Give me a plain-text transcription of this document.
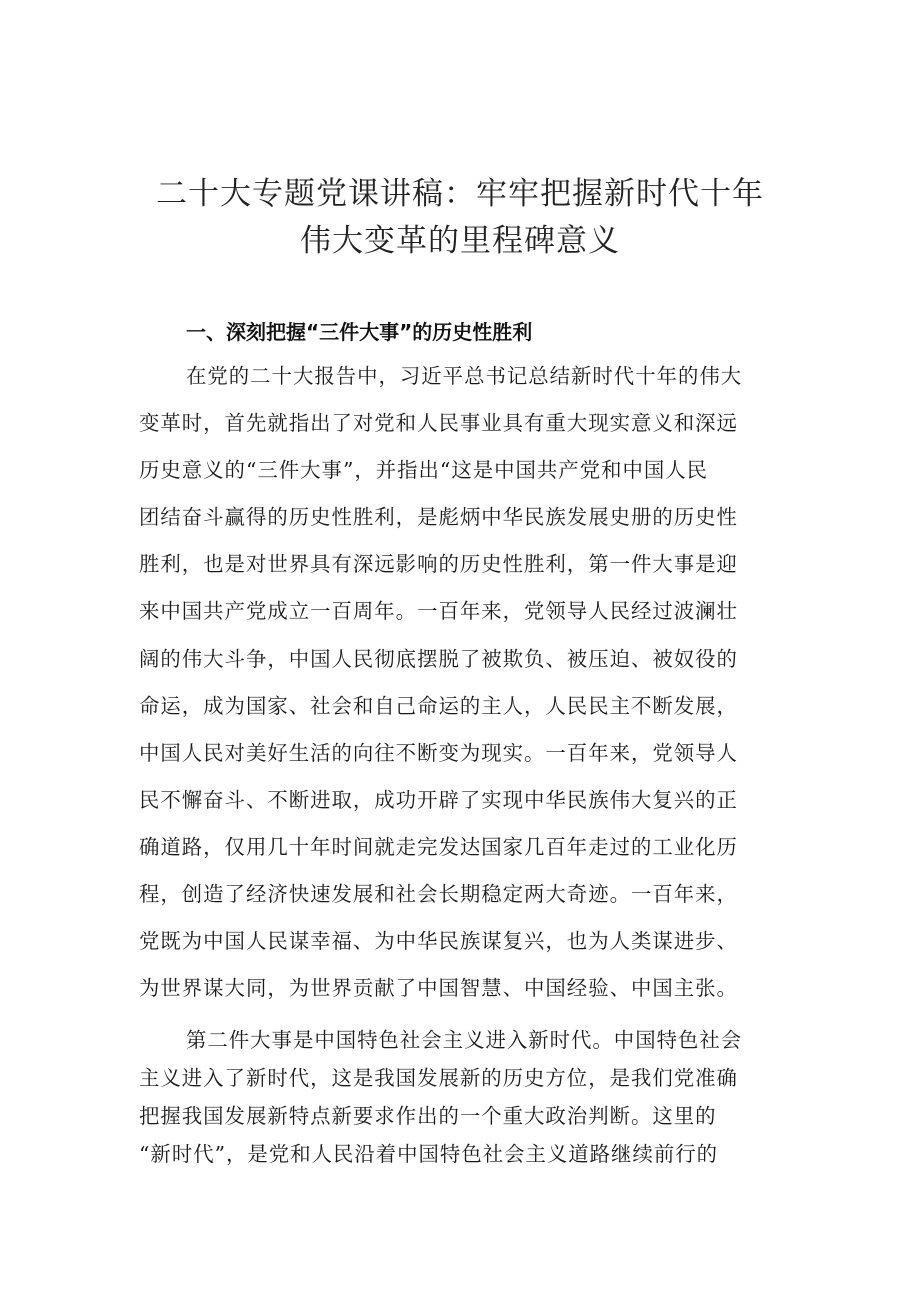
二十大专题党课讲稿：牢牢把握新时代十年
伟大变革的里程碑意义
一、深刻把握“三件大事”的历史性胜利
在党的二十大报告中，习近平总书记总结新时代十年的伟大
变革时，首先就指出了对党和人民事业具有重大现实意义和深远
历史意义的“三件大事”，并指出“这是中国共产党和中国人民
团结奋斗赢得的历史性胜利，是彪炳中华民族发展史册的历史性
胜利，也是对世界具有深远影响的历史性胜利，第一件大事是迎
来中国共产党成立一百周年。一百年来，党领导人民经过波澜壮
阔的伟大斗争，中国人民彻底摆脱了被欺负、被压迫、被奴役的
命运，成为国家、社会和自己命运的主人，人民民主不断发展，
中国人民对美好生活的向往不断变为现实。一百年来，党领导人
民不懈奋斗、不断进取，成功开辟了实现中华民族伟大复兴的正
确道路，仅用几十年时间就走完发达国家几百年走过的工业化历
程，创造了经济快速发展和社会长期稳定两大奇迹。一百年来，
党既为中国人民谋幸福、为中华民族谋复兴，也为人类谋进步、
为世界谋大同，为世界贡献了中国智慧、中国经验、中国主张。
第二件大事是中国特色社会主义进入新时代。中国特色社会
主义进入了新时代，这是我国发展新的历史方位，是我们党准确
把握我国发展新特点新要求作出的一个重大政治判断。这里的
“新时代”，是党和人民沿着中国特色社会主义道路继续前行的
